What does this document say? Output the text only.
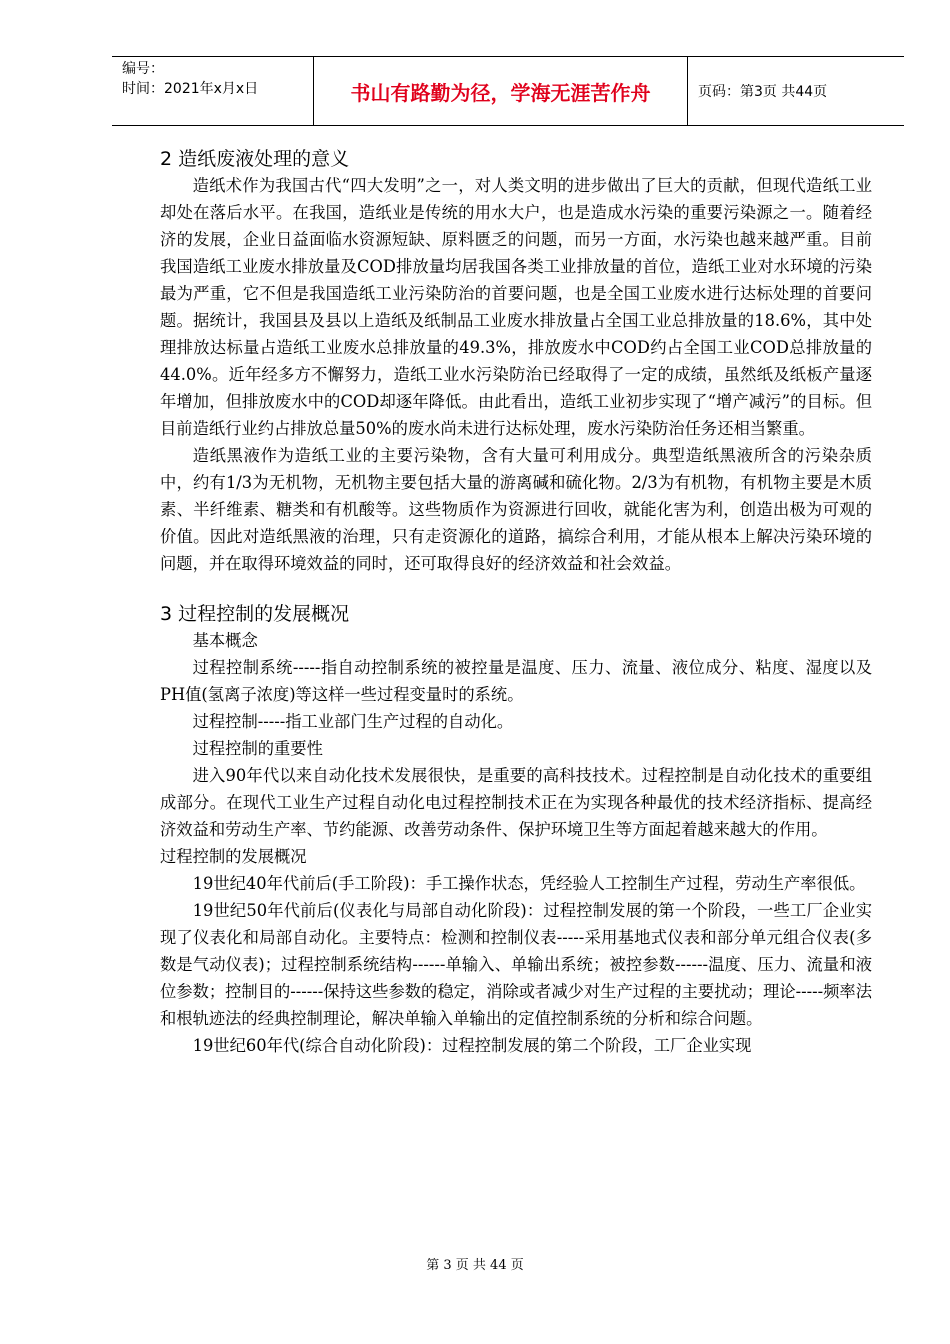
编号：
时间：2021年x月x日	书山有路勤为径，学海无涯苦作舟	页码：第3页 共44页
2 造纸废液处理的意义

造纸术作为我国古代“四大发明”之一，对人类文明的进步做出了巨大的贡献，但现代造纸工业却处在落后水平。在我国，造纸业是传统的用水大户，也是造成水污染的重要污染源之一。随着经济的发展，企业日益面临水资源短缺、原料匮乏的问题，而另一方面，水污染也越来越严重。目前我国造纸工业废水排放量及COD排放量均居我国各类工业排放量的首位，造纸工业对水环境的污染最为严重，它不但是我国造纸工业污染防治的首要问题，也是全国工业废水进行达标处理的首要问题。据统计，我国县及县以上造纸及纸制品工业废水排放量占全国工业总排放量的18.6%，其中处理排放达标量占造纸工业废水总排放量的49.3%，排放废水中COD约占全国工业COD总排放量的44.0%。近年经多方不懈努力，造纸工业水污染防治已经取得了一定的成绩，虽然纸及纸板产量逐年增加，但排放废水中的COD却逐年降低。由此看出，造纸工业初步实现了“增产减污”的目标。但目前造纸行业约占排放总量50%的废水尚未进行达标处理，废水污染防治任务还相当繁重。

造纸黑液作为造纸工业的主要污染物，含有大量可利用成分。典型造纸黑液所含的污染杂质中，约有1/3为无机物，无机物主要包括大量的游离碱和硫化物。2/3为有机物，有机物主要是木质素、半纤维素、糖类和有机酸等。这些物质作为资源进行回收，就能化害为利，创造出极为可观的价值。因此对造纸黑液的治理，只有走资源化的道路，搞综合利用，才能从根本上解决污染环境的问题，并在取得环境效益的同时，还可取得良好的经济效益和社会效益。

3 过程控制的发展概况

基本概念

过程控制系统-----指自动控制系统的被控量是温度、压力、流量、液位成分、粘度、湿度以及PH值(氢离子浓度)等这样一些过程变量时的系统。

过程控制-----指工业部门生产过程的自动化。

过程控制的重要性

进入90年代以来自动化技术发展很快，是重要的高科技技术。过程控制是自动化技术的重要组成部分。在现代工业生产过程自动化电过程控制技术正在为实现各种最优的技术经济指标、提高经济效益和劳动生产率、节约能源、改善劳动条件、保护环境卫生等方面起着越来越大的作用。

过程控制的发展概况

19世纪40年代前后(手工阶段)：手工操作状态，凭经验人工控制生产过程，劳动生产率很低。

19世纪50年代前后(仪表化与局部自动化阶段)：过程控制发展的第一个阶段，一些工厂企业实现了仪表化和局部自动化。主要特点：检测和控制仪表-----采用基地式仪表和部分单元组合仪表(多数是气动仪表)；过程控制系统结构------单输入、单输出系统；被控参数------温度、压力、流量和液位参数；控制目的------保持这些参数的稳定，消除或者减少对生产过程的主要扰动；理论-----频率法和根轨迹法的经典控制理论，解决单输入单输出的定值控制系统的分析和综合问题。

19世纪60年代(综合自动化阶段)：过程控制发展的第二个阶段，工厂企业实现

第 3 页 共 44 页
